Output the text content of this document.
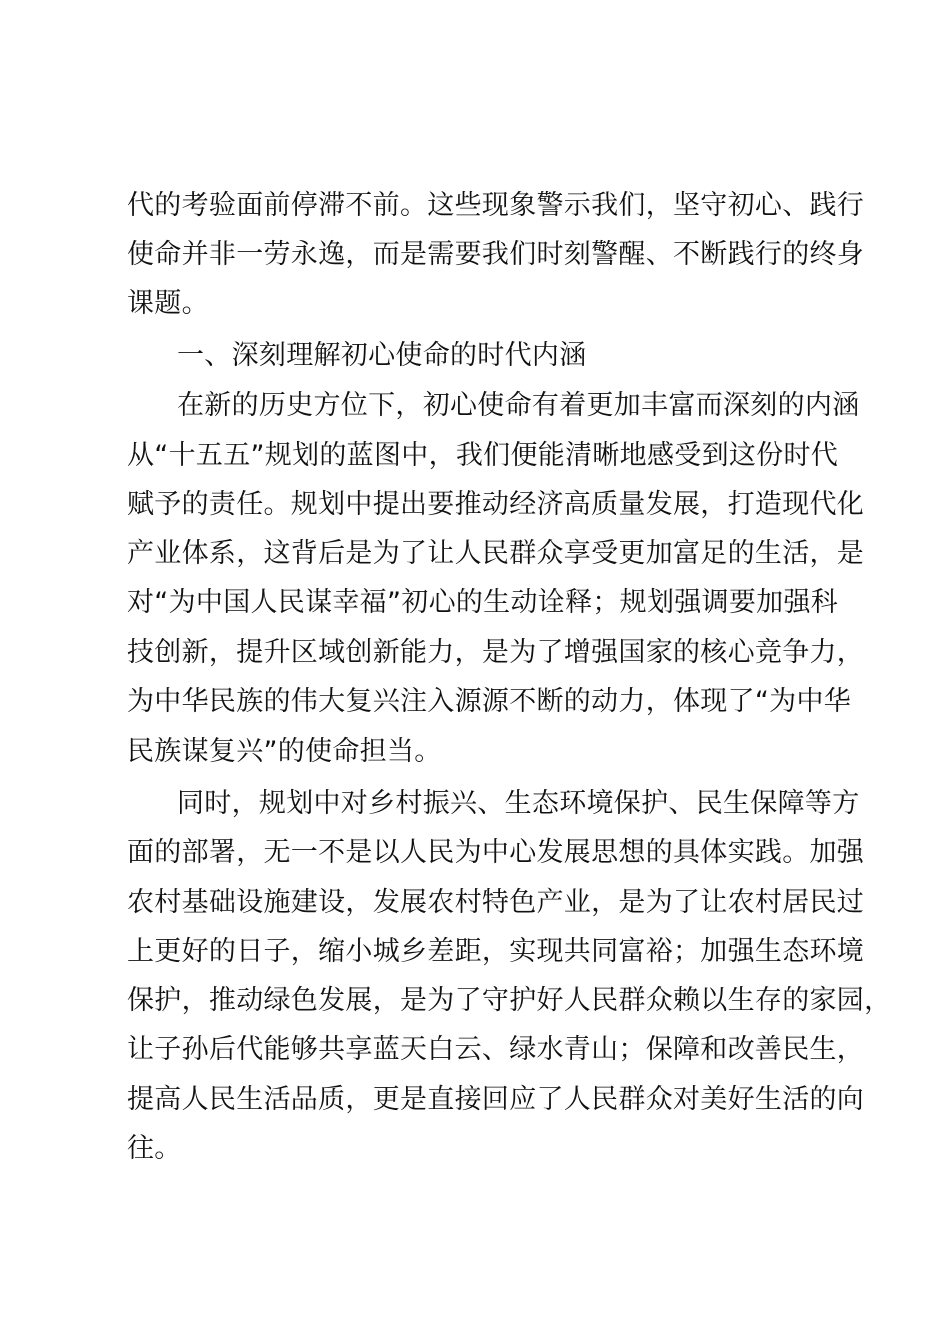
代的考验面前停滞不前。这些现象警示我们，坚守初心、践行
使命并非一劳永逸，而是需要我们时刻警醒、不断践行的终身
课题。
一、深刻理解初心使命的时代内涵
在新的历史方位下，初心使命有着更加丰富而深刻的内涵
从“十五五”规划的蓝图中，我们便能清晰地感受到这份时代
赋予的责任。规划中提出要推动经济高质量发展，打造现代化
产业体系，这背后是为了让人民群众享受更加富足的生活，是
对“为中国人民谋幸福”初心的生动诠释；规划强调要加强科
技创新，提升区域创新能力，是为了增强国家的核心竞争力，
为中华民族的伟大复兴注入源源不断的动力，体现了“为中华
民族谋复兴”的使命担当。
同时，规划中对乡村振兴、生态环境保护、民生保障等方
面的部署，无一不是以人民为中心发展思想的具体实践。加强
农村基础设施建设，发展农村特色产业，是为了让农村居民过
上更好的日子，缩小城乡差距，实现共同富裕；加强生态环境
保护，推动绿色发展，是为了守护好人民群众赖以生存的家园，
让子孙后代能够共享蓝天白云、绿水青山；保障和改善民生，
提高人民生活品质，更是直接回应了人民群众对美好生活的向
往。
